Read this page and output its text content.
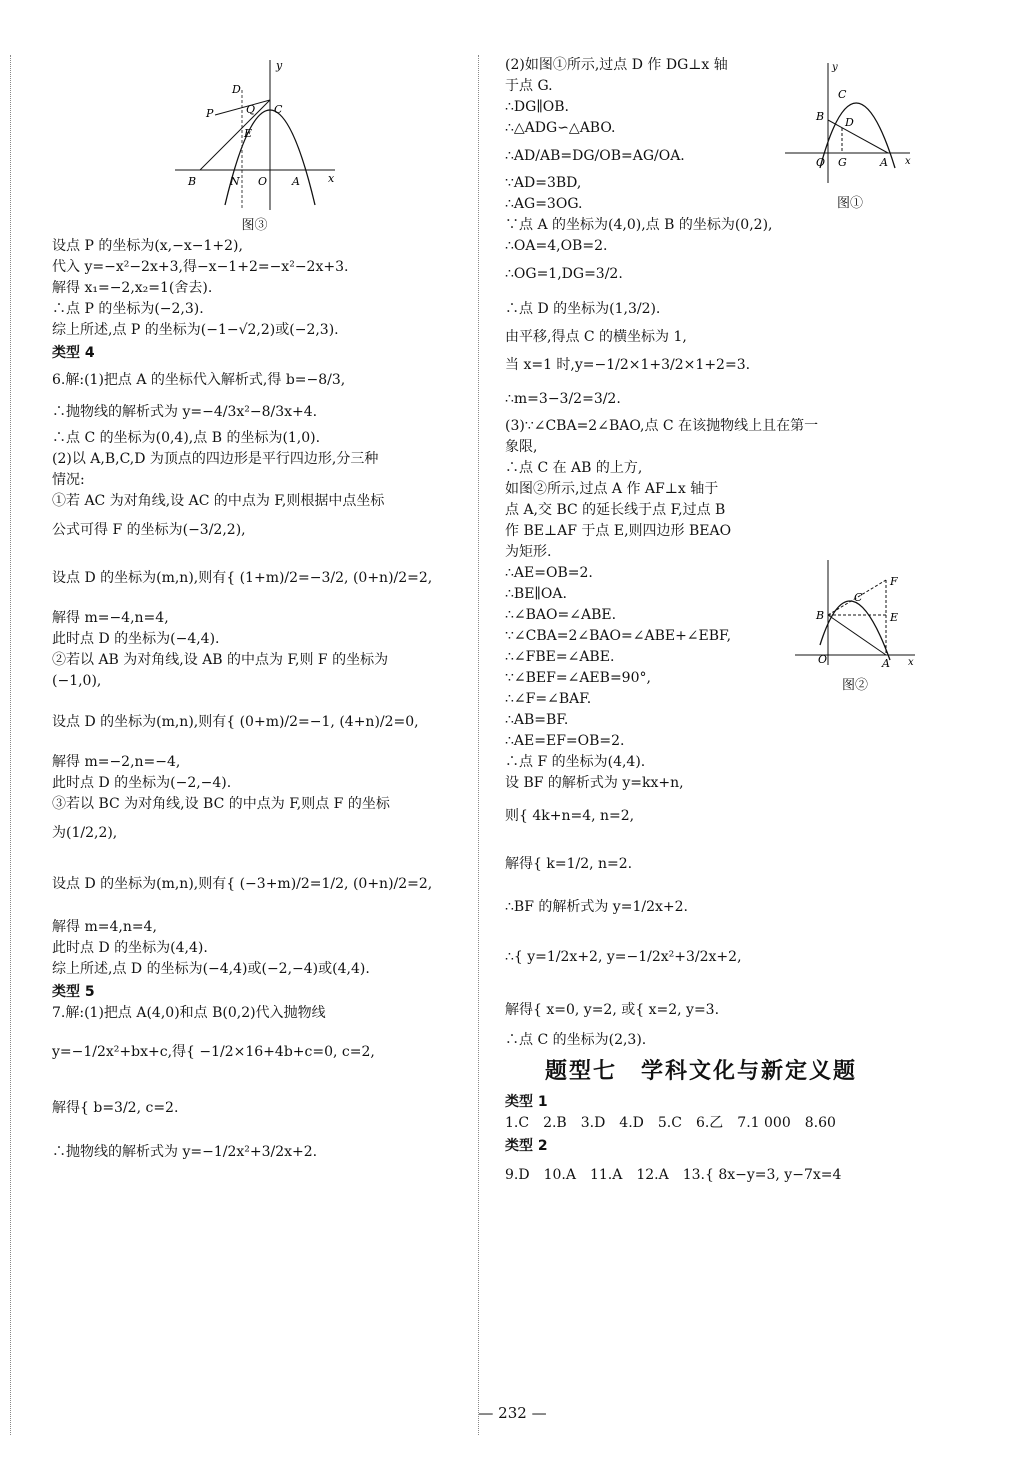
D
P	Q C
E
B	N O A
y
x
图③
设点 P 的坐标为(x,−x−1+2),
代入 y=−x²−2x+3,得−x−1+2=−x²−2x+3.
解得 x₁=−2,x₂=1(舍去).
∴点 P 的坐标为(−2,3).
综上所述,点 P 的坐标为(−1−√2,2)或(−2,3).
类型 4
6.解:(1)把点 A 的坐标代入解析式,得 b=−8/3,
∴抛物线的解析式为 y=−4/3x²−8/3x+4.
∴点 C 的坐标为(0,4),点 B 的坐标为(1,0).
(2)以 A,B,C,D 为顶点的四边形是平行四边形,分三种
情况:
①若 AC 为对角线,设 AC 的中点为 F,则根据中点坐标
公式可得 F 的坐标为(−3/2,2),
设点 D 的坐标为(m,n),则有{ (1+m)/2=−3/2, (0+n)/2=2,
解得 m=−4,n=4,
此时点 D 的坐标为(−4,4).
②若以 AB 为对角线,设 AB 的中点为 F,则 F 的坐标为
(−1,0),
设点 D 的坐标为(m,n),则有{ (0+m)/2=−1, (4+n)/2=0,
解得 m=−2,n=−4,
此时点 D 的坐标为(−2,−4).
③若以 BC 为对角线,设 BC 的中点为 F,则点 F 的坐标
为(1/2,2),
设点 D 的坐标为(m,n),则有{ (−3+m)/2=1/2, (0+n)/2=2,
解得 m=4,n=4,
此时点 D 的坐标为(4,4).
综上所述,点 D 的坐标为(−4,4)或(−2,−4)或(4,4).
类型 5
7.解:(1)把点 A(4,0)和点 B(0,2)代入抛物线
y=−1/2x²+bx+c,得{ −1/2×16+4b+c=0, c=2,
解得{ b=3/2, c=2.
∴抛物线的解析式为 y=−1/2x²+3/2x+2.
B
C
D
O G	A
y
x
图①
B
C
F
E
O	A x
图②
(2)如图①所示,过点 D 作 DG⊥x 轴
于点 G.
∴DG∥OB.
∴△ADG∽△ABO.
∴AD/AB=DG/OB=AG/OA.
∵AD=3BD,
∴AG=3OG.
∵点 A 的坐标为(4,0),点 B 的坐标为(0,2),
∴OA=4,OB=2.
∴OG=1,DG=3/2.
∴点 D 的坐标为(1,3/2).
由平移,得点 C 的横坐标为 1,
当 x=1 时,y=−1/2×1+3/2×1+2=3.
∴m=3−3/2=3/2.
(3)∵∠CBA=2∠BAO,点 C 在该抛物线上且在第一
象限,
∴点 C 在 AB 的上方,
如图②所示,过点 A 作 AF⊥x 轴于
点 A,交 BC 的延长线于点 F,过点 B
作 BE⊥AF 于点 E,则四边形 BEAO
为矩形.
∴AE=OB=2.
∴BE∥OA.
∴∠BAO=∠ABE.
∵∠CBA=2∠BAO=∠ABE+∠EBF,
∴∠FBE=∠ABE.
∵∠BEF=∠AEB=90°,
∴∠F=∠BAF.
∴AB=BF.
∴AE=EF=OB=2.
∴点 F 的坐标为(4,4).
设 BF 的解析式为 y=kx+n,
则{ 4k+n=4, n=2,
解得{ k=1/2, n=2.
∴BF 的解析式为 y=1/2x+2.
∴{ y=1/2x+2, y=−1/2x²+3/2x+2,
解得{ x=0, y=2, 或{ x=2, y=3.
∴点 C 的坐标为(2,3).
题型七　学科文化与新定义题
类型 1
1.C　2.B　3.D　4.D　5.C　6.乙　7.1 000　8.60
类型 2
9.D　10.A　11.A　12.A　13.{ 8x−y=3, y−7x=4
— 232 —
